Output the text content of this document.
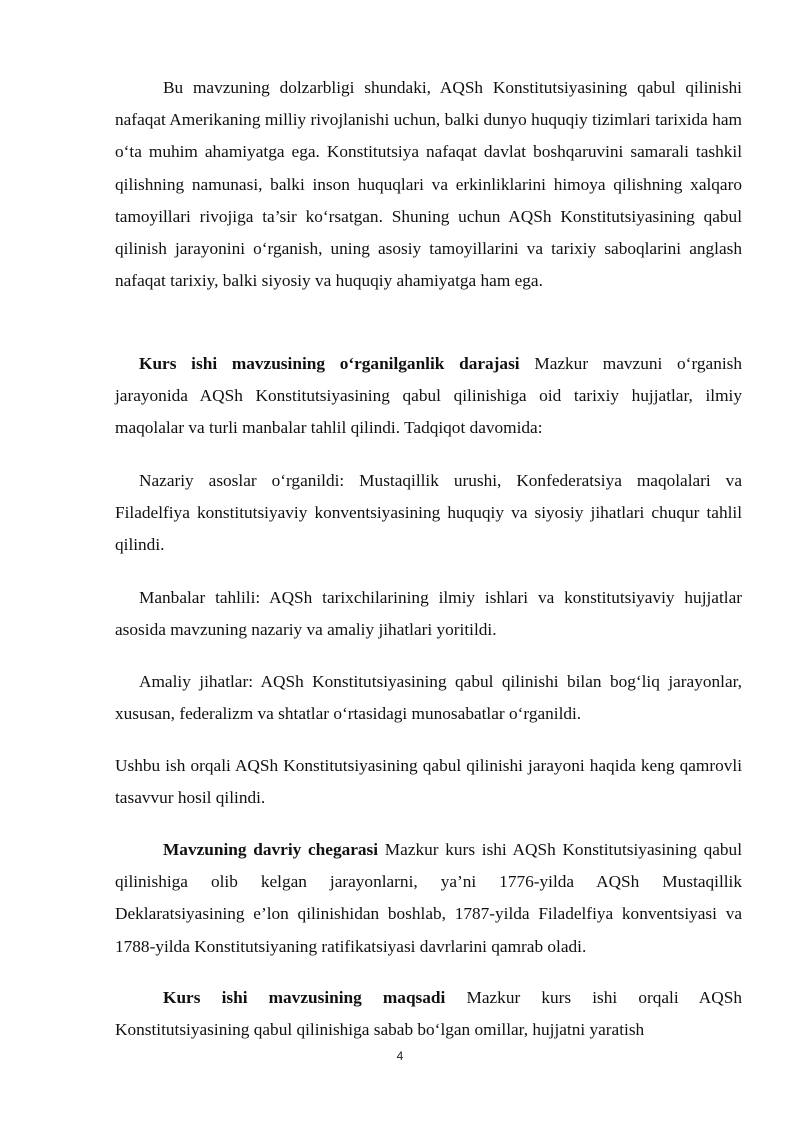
Bu mavzuning dolzarbligi shundaki, AQSh Konstitutsiyasining qabul qilinishi nafaqat Amerikaning milliy rivojlanishi uchun, balki dunyo huquqiy tizimlari tarixida ham o‘ta muhim ahamiyatga ega. Konstitutsiya nafaqat davlat boshqaruvini samarali tashkil qilishning namunasi, balki inson huquqlari va erkinliklarini himoya qilishning xalqaro tamoyillari rivojiga ta’sir ko‘rsatgan. Shuning uchun AQSh Konstitutsiyasining qabul qilinish jarayonini o‘rganish, uning asosiy tamoyillarini va tarixiy saboqlarini anglash nafaqat tarixiy, balki siyosiy va huquqiy ahamiyatga ham ega.

Kurs ishi mavzusining o‘rganilganlik darajasi Mazkur mavzuni o‘rganish jarayonida AQSh Konstitutsiyasining qabul qilinishiga oid tarixiy hujjatlar, ilmiy maqolalar va turli manbalar tahlil qilindi. Tadqiqot davomida:

Nazariy asoslar o‘rganildi: Mustaqillik urushi, Konfederatsiya maqolalari va Filadelfiya konstitutsiyaviy konventsiyasining huquqiy va siyosiy jihatlari chuqur tahlil qilindi.

Manbalar tahlili: AQSh tarixchilarining ilmiy ishlari va konstitutsiyaviy hujjatlar asosida mavzuning nazariy va amaliy jihatlari yoritildi.

Amaliy jihatlar: AQSh Konstitutsiyasining qabul qilinishi bilan bog‘liq jarayonlar, xususan, federalizm va shtatlar o‘rtasidagi munosabatlar o‘rganildi.

Ushbu ish orqali AQSh Konstitutsiyasining qabul qilinishi jarayoni haqida keng qamrovli tasavvur hosil qilindi.

Mavzuning davriy chegarasi Mazkur kurs ishi AQSh Konstitutsiyasining qabul qilinishiga olib kelgan jarayonlarni, ya’ni 1776-yilda AQSh Mustaqillik Deklaratsiyasining e’lon qilinishidan boshlab, 1787-yilda Filadelfiya konventsiyasi va 1788-yilda Konstitutsiyaning ratifikatsiyasi davrlarini qamrab oladi.

Kurs ishi mavzusining maqsadi Mazkur kurs ishi orqali AQSh Konstitutsiyasining qabul qilinishiga sabab bo‘lgan omillar, hujjatni yaratish

4
